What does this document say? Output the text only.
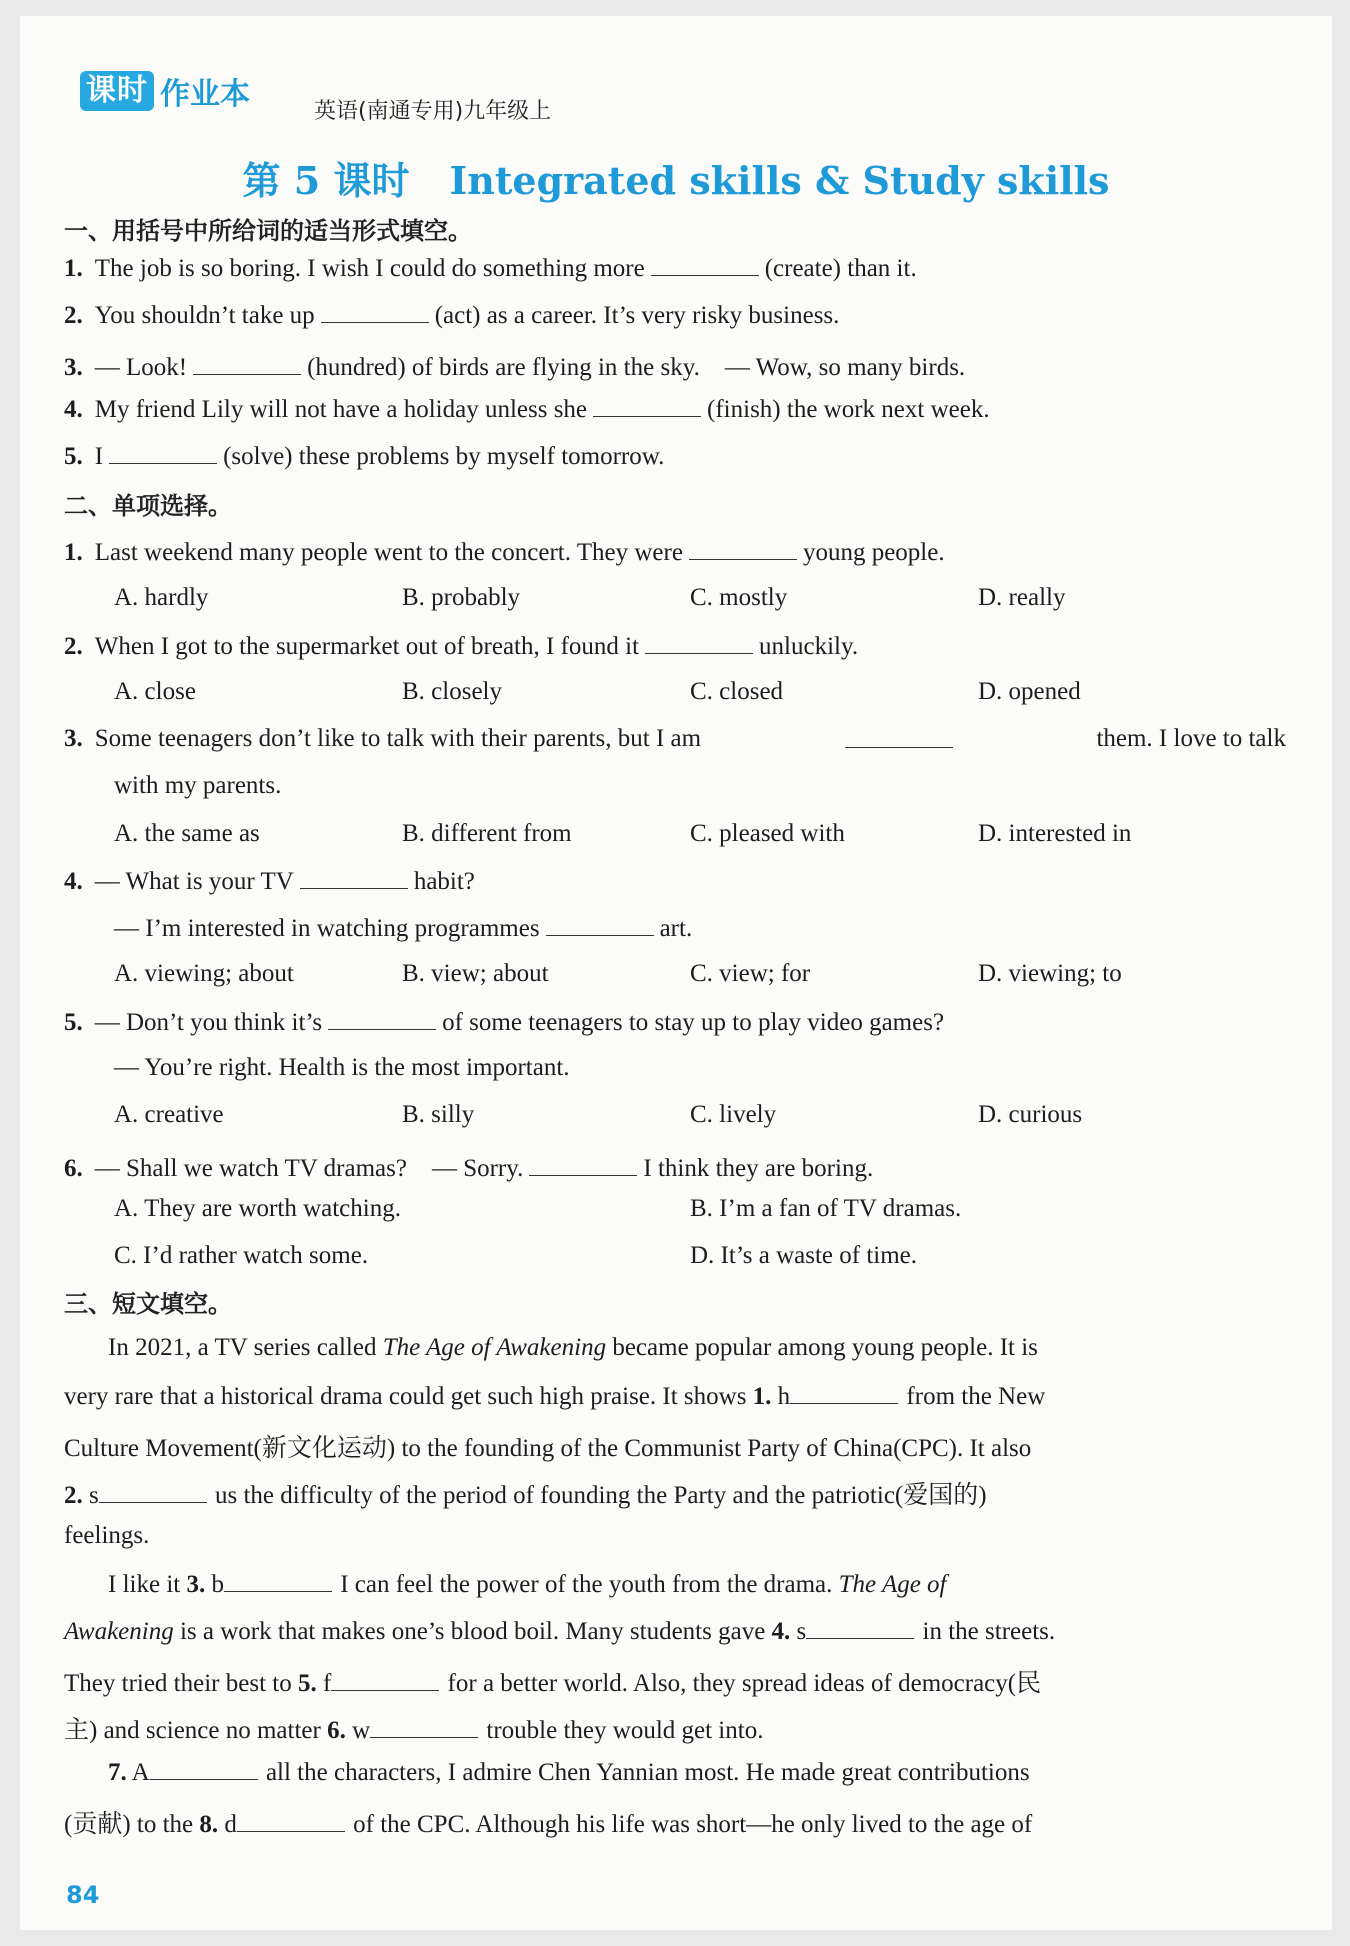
课时 作业本	英语(南通专用)九年级上
第 5 课时 Integrated skills & Study skills
一、用括号中所给词的适当形式填空。
1. The job is so boring. I wish I could do something more	(create) than it.
2. You shouldn’t take up	(act) as a career. It’s very risky business.
3. — Look!	(hundred) of birds are flying in the sky.　— Wow, so many birds.
4. My friend Lily will not have a holiday unless she	(finish) the work next week.
5. I	(solve) these problems by myself tomorrow.
二、单项选择。
1. Last weekend many people went to the concert. They were	young people.
A. hardly	B. probably	C. mostly	D. really
2. When I got to the supermarket out of breath, I found it	unluckily.
A. close	B. closely	C. closed	D. opened
3. Some teenagers don’t like to talk with their parents, but I am	them. I love to talk
with my parents.
A. the same as	B. different from	C. pleased with	D. interested in
4. — What is your TV	habit?
— I’m interested in watching programmes	art.
A. viewing; about	B. view; about	C. view; for	D. viewing; to
5. — Don’t you think it’s	of some teenagers to stay up to play video games?
— You’re right. Health is the most important.
A. creative	B. silly	C. lively	D. curious
6. — Shall we watch TV dramas?　— Sorry.	I think they are boring.
A. They are worth watching.	B. I’m a fan of TV dramas.
C. I’d rather watch some.	D. It’s a waste of time.
三、短文填空。
In 2021, a TV series called The Age of Awakening became popular among young people. It is
very rare that a historical drama could get such high praise. It shows 1. h	from the New
Culture Movement(新文化运动) to the founding of the Communist Party of China(CPC). It also
2. s	us the difficulty of the period of founding the Party and the patriotic(爱国的)
feelings.
I like it 3. b	I can feel the power of the youth from the drama. The Age of
Awakening is a work that makes one’s blood boil. Many students gave 4. s	in the streets.
They tried their best to 5. f	for a better world. Also, they spread ideas of democracy(民
主) and science no matter 6. w	trouble they would get into.
7. A	all the characters, I admire Chen Yannian most. He made great contributions
(贡献) to the 8. d	of the CPC. Although his life was short—he only lived to the age of
84
